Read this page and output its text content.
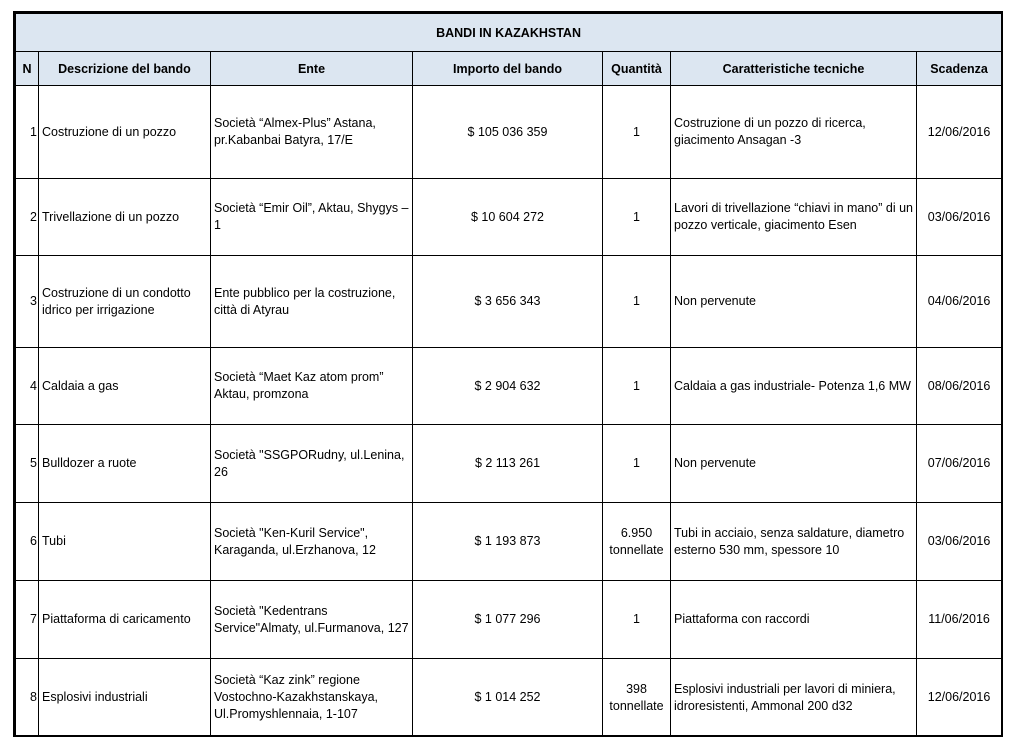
BANDI IN KAZAKHSTAN						
N	Descrizione del bando	Ente	Importo del bando	Quantità	Caratteristiche tecniche	Scadenza
1	Costruzione di un pozzo	Società “Almex-Plus” Astana, pr.Kabanbai Batyra, 17/E	$ 105 036 359	1	Costruzione di un pozzo di ricerca, giacimento Ansagan -3	12/06/2016
2	Trivellazione di un pozzo	Società “Emir Oil”, Aktau, Shygys – 1	$ 10 604 272	1	Lavori di trivellazione “chiavi in mano” di un pozzo verticale, giacimento Esen	03/06/2016
3	Costruzione di un condotto idrico per irrigazione	Ente pubblico per la costruzione, città di Atyrau	$ 3 656 343	1	Non pervenute	04/06/2016
4	Caldaia a gas	Società “Maet Kaz atom prom” Aktau, promzona	$ 2 904 632	1	Caldaia a gas industriale- Potenza 1,6 MW	08/06/2016
5	Bulldozer a ruote	Società "SSGPORudny, ul.Lenina, 26	$ 2 113 261	1	Non pervenute	07/06/2016
6	Tubi	Società "Ken-Kuril Service", Karaganda, ul.Erzhanova, 12	$ 1 193 873	6.950 tonnellate	Tubi in acciaio, senza saldature, diametro esterno 530 mm, spessore 10	03/06/2016
7	Piattaforma di caricamento	Società "Kedentrans Service"Almaty, ul.Furmanova, 127	$ 1 077 296	1	Piattaforma con raccordi	11/06/2016
8	Esplosivi industriali	Società “Kaz zink” regione Vostochno-Kazakhstanskaya, Ul.Promyshlennaia, 1-107	$ 1 014 252	398 tonnellate	Esplosivi industriali per lavori di miniera, idroresistenti, Ammonal 200 d32	12/06/2016
